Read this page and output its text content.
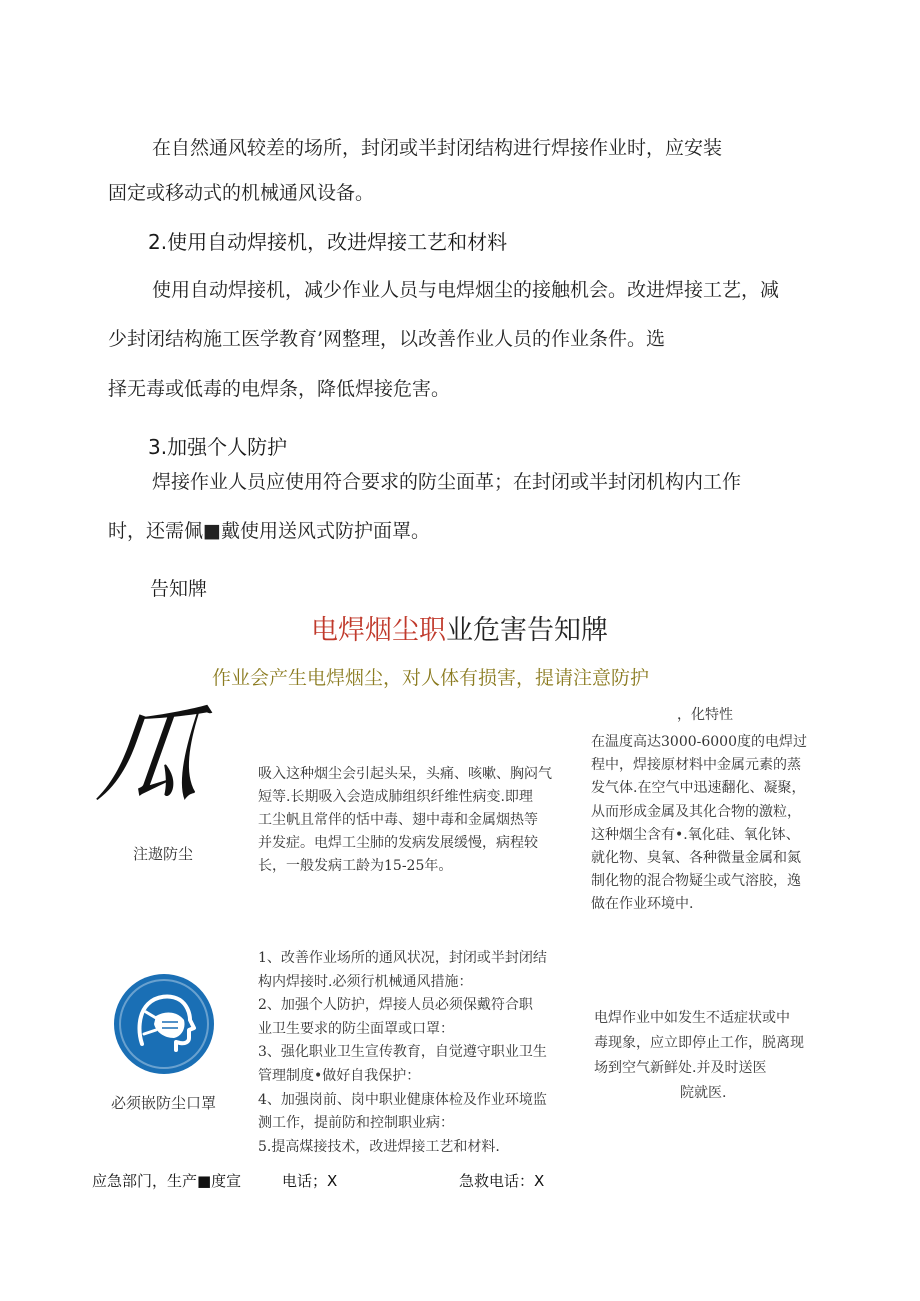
在自然通风较差的场所，封闭或半封闭结构进行焊接作业时，应安装
固定或移动式的机械通风设备。
2.使用自动焊接机，改进焊接工艺和材料
使用自动焊接机，减少作业人员与电焊烟尘的接触机会。改进焊接工艺，减
少封闭结构施工医学教育’网整理，以改善作业人员的作业条件。选
择无毒或低毒的电焊条，降低焊接危害。
3.加强个人防护
焊接作业人员应使用符合要求的防尘面革；在封闭或半封闭机构内工作
时，还需佩■戴使用送风式防护面罩。
告知牌
电焊烟尘职业危害告知牌
作业会产生电焊烟尘，对人体有损害，提请注意防护
瓜
注遨防尘
吸入这种烟尘会引起头呆，头痛、咳嗽、胸闷气
短等.长期吸入会造成肺组织纤维性病变.即理
工尘帆且常伴的恬中毒、翅中毒和金属烟热等
并发症。电焊工尘肺的发病发展缓慢，病程较
长，一般发病工龄为15-25年。
，化特性
在温度高达3000-6000度的电焊过
程中，焊接原材料中金属元素的蒸
发气体.在空气中迅速翻化、凝聚，
从而形成金属及其化合物的激粒，
这种烟尘含有•.氧化硅、氧化钵、
就化物、臭氧、各种微量金属和氮
制化物的混合物疑尘或气溶胶，逸
做在作业环境中.
必须嵌防尘口罩
1、改善作业场所的通风状况，封闭或半封闭结
构内焊接时.必须行机械通风措施：
2、加强个人防护，焊接人员必须保戴符合职
业卫生要求的防尘面罩或口罩：
3、强化职业卫生宣传教育，自觉遵守职业卫生
管理制度•做好自我保护：
4、加强岗前、岗中职业健康体检及作业环境监
测工作，提前防和控制职业病：
5.提高煤接技术，改进焊接工艺和材料.
电焊作业中如发生不适症状或中
毒现象，应立即停止工作，脱离现
场到空气新鲜处.并及时送医
院就医.
应急部门，生产■度宣	电话；X	急救电话：X
